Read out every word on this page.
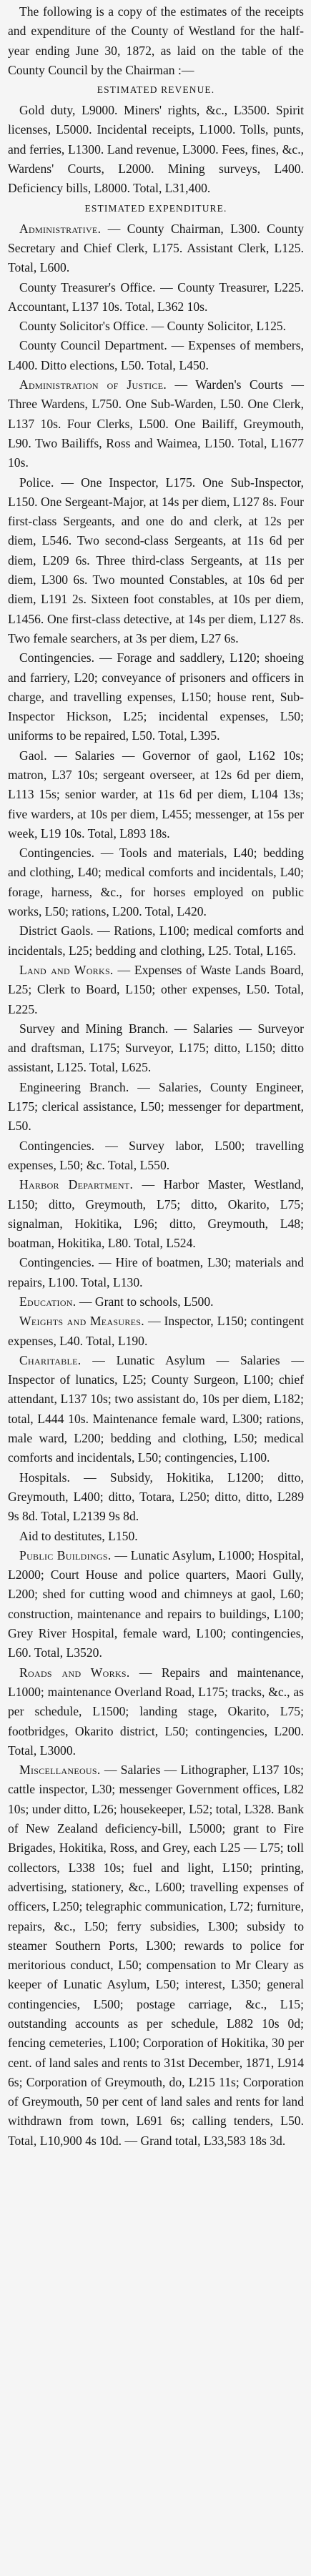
The following is a copy of the estimates of the receipts and expenditure of the County of Westland for the half-year ending June 30, 1872, as laid on the table of the County Council by the Chairman :—

ESTIMATED REVENUE.

Gold duty, L9000. Miners' rights, &c., L3500. Spirit licenses, L5000. Incidental receipts, L1000. Tolls, punts, and ferries, L1300. Land revenue, L3000. Fees, fines, &c., Wardens' Courts, L2000. Mining surveys, L400. Deficiency bills, L8000. Total, L31,400.

ESTIMATED EXPENDITURE.

Administrative. — County Chairman, L300. County Secretary and Chief Clerk, L175. Assistant Clerk, L125. Total, L600.

County Treasurer's Office. — County Treasurer, L225. Accountant, L137 10s. Total, L362 10s.

County Solicitor's Office. — County Solicitor, L125.

County Council Department. — Expenses of members, L400. Ditto elections, L50. Total, L450.

Administration of Justice. — Warden's Courts — Three Wardens, L750. One Sub-Warden, L50. One Clerk, L137 10s. Four Clerks, L500. One Bailiff, Greymouth, L90. Two Bailiffs, Ross and Waimea, L150. Total, L1677 10s.

Police. — One Inspector, L175. One Sub-Inspector, L150. One Sergeant-Major, at 14s per diem, L127 8s. Four first-class Sergeants, and one do and clerk, at 12s per diem, L546. Two second-class Sergeants, at 11s 6d per diem, L209 6s. Three third-class Sergeants, at 11s per diem, L300 6s. Two mounted Constables, at 10s 6d per diem, L191 2s. Sixteen foot constables, at 10s per diem, L1456. One first-class detective, at 14s per diem, L127 8s. Two female searchers, at 3s per diem, L27 6s.

Contingencies. — Forage and saddlery, L120; shoeing and farriery, L20; conveyance of prisoners and officers in charge, and travelling expenses, L150; house rent, Sub-Inspector Hickson, L25; incidental expenses, L50; uniforms to be repaired, L50. Total, L395.

Gaol. — Salaries — Governor of gaol, L162 10s; matron, L37 10s; sergeant overseer, at 12s 6d per diem, L113 15s; senior warder, at 11s 6d per diem, L104 13s; five warders, at 10s per diem, L455; messenger, at 15s per week, L19 10s. Total, L893 18s.

Contingencies. — Tools and materials, L40; bedding and clothing, L40; medical comforts and incidentals, L40; forage, harness, &c., for horses employed on public works, L50; rations, L200. Total, L420.

District Gaols. — Rations, L100; medical comforts and incidentals, L25; bedding and clothing, L25. Total, L165.

Land and Works. — Expenses of Waste Lands Board, L25; Clerk to Board, L150; other expenses, L50. Total, L225.

Survey and Mining Branch. — Salaries — Surveyor and draftsman, L175; Surveyor, L175; ditto, L150; ditto assistant, L125. Total, L625.

Engineering Branch. — Salaries, County Engineer, L175; clerical assistance, L50; messenger for department, L50.

Contingencies. — Survey labor, L500; travelling expenses, L50; &c. Total, L550.

Harbor Department. — Harbor Master, Westland, L150; ditto, Greymouth, L75; ditto, Okarito, L75; signalman, Hokitika, L96; ditto, Greymouth, L48; boatman, Hokitika, L80. Total, L524.

Contingencies. — Hire of boatmen, L30; materials and repairs, L100. Total, L130.

Education. — Grant to schools, L500.

Weights and Measures. — Inspector, L150; contingent expenses, L40. Total, L190.

Charitable. — Lunatic Asylum — Salaries — Inspector of lunatics, L25; County Surgeon, L100; chief attendant, L137 10s; two assistant do, 10s per diem, L182; total, L444 10s. Maintenance female ward, L300; rations, male ward, L200; bedding and clothing, L50; medical comforts and incidentals, L50; contingencies, L100.

Hospitals. — Subsidy, Hokitika, L1200; ditto, Greymouth, L400; ditto, Totara, L250; ditto, ditto, L289 9s 8d. Total, L2139 9s 8d.

Aid to destitutes, L150.

Public Buildings. — Lunatic Asylum, L1000; Hospital, L2000; Court House and police quarters, Maori Gully, L200; shed for cutting wood and chimneys at gaol, L60; construction, maintenance and repairs to buildings, L100; Grey River Hospital, female ward, L100; contingencies, L60. Total, L3520.

Roads and Works. — Repairs and maintenance, L1000; maintenance Overland Road, L175; tracks, &c., as per schedule, L1500; landing stage, Okarito, L75; footbridges, Okarito district, L50; contingencies, L200. Total, L3000.

Miscellaneous. — Salaries — Lithographer, L137 10s; cattle inspector, L30; messenger Government offices, L82 10s; under ditto, L26; housekeeper, L52; total, L328. Bank of New Zealand deficiency-bill, L5000; grant to Fire Brigades, Hokitika, Ross, and Grey, each L25 — L75; toll collectors, L338 10s; fuel and light, L150; printing, advertising, stationery, &c., L600; travelling expenses of officers, L250; telegraphic communication, L72; furniture, repairs, &c., L50; ferry subsidies, L300; subsidy to steamer Southern Ports, L300; rewards to police for meritorious conduct, L50; compensation to Mr Cleary as keeper of Lunatic Asylum, L50; interest, L350; general contingencies, L500; postage carriage, &c., L15; outstanding accounts as per schedule, L882 10s 0d; fencing cemeteries, L100; Corporation of Hokitika, 30 per cent. of land sales and rents to 31st December, 1871, L914 6s; Corporation of Greymouth, do, L215 11s; Corporation of Greymouth, 50 per cent of land sales and rents for land withdrawn from town, L691 6s; calling tenders, L50. Total, L10,900 4s 10d. — Grand total, L33,583 18s 3d.
